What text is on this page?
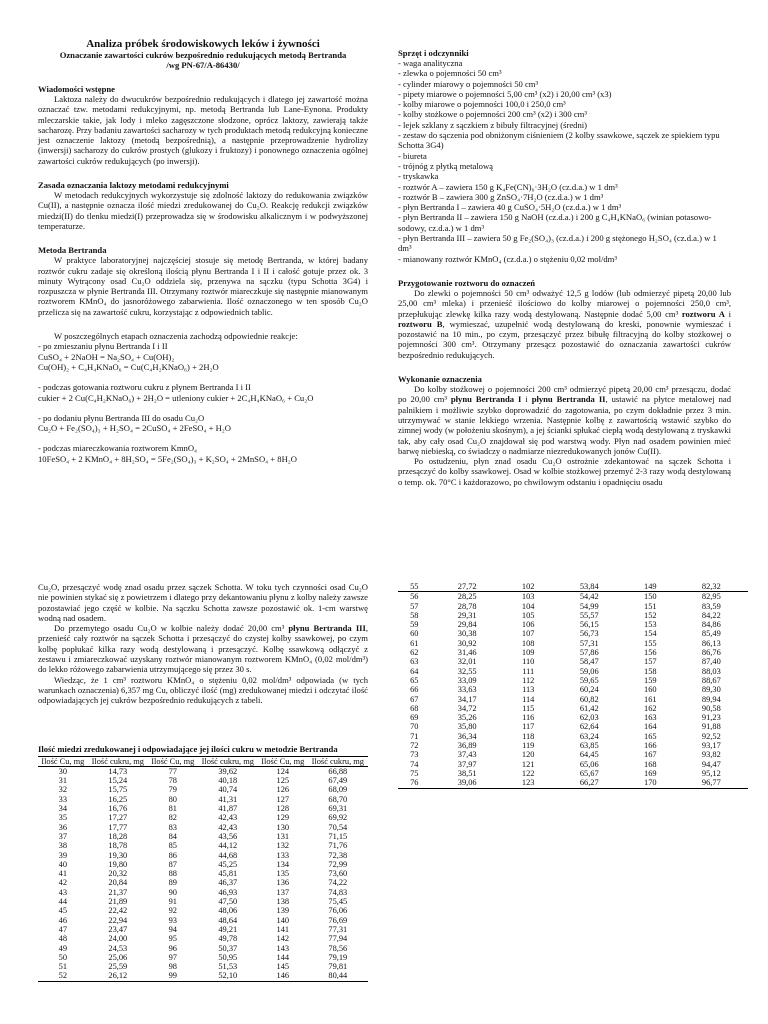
Analiza próbek środowiskowych leków i żywności
Oznaczanie zawartości cukrów bezpośrednio redukujących metodą Bertranda
/wg PN-67/A-86430/
Wiadomości wstępne

Laktoza należy do dwucukrów bezpośrednio redukujących i dlatego jej zawartość można oznaczać tzw. metodami redukcyjnymi, np. metodą Bertranda lub Lane-Eynona. Produkty mleczarskie takie, jak lody i mleko zagęszczone słodzone, oprócz laktozy, zawierają także sacharozę. Przy badaniu zawartości sacharozy w tych produktach metodą redukcyjną konieczne jest oznaczenie laktozy (metodą bezpośrednią), a następnie przeprowadzenie hydrolizy (inwersji) sacharozy do cukrów prostych (glukozy i fruktozy) i ponownego oznaczenia ogólnej zawartości cukrów redukujących (po inwersji).

Zasada oznaczania laktozy metodami redukcyjnymi

W metodach redukcyjnych wykorzystuje się zdolność laktozy do redukowania związków Cu(II), a następnie oznacza ilość miedzi zredukowanej do Cu₂O. Reakcję redukcji związków miedzi(II) do tlenku miedzi(I) przeprowadza się w środowisku alkalicznym i w podwyższonej temperaturze.

Metoda Bertranda

W praktyce laboratoryjnej najczęściej stosuje się metodę Bertranda, w której badany roztwór cukru zadaje się określoną ilością płynu Bertranda I i II i całość gotuje przez ok. 3 minuty Wytrącony osad Cu₂O oddziela się, przenywa na sączku (typu Schotta 3G4) i rozpuszcza w płynie Bertranda III. Otrzymany roztwór miareczkuje się następnie mianowanym roztworem KMnO₄ do jasnoróżowego zabarwienia. Ilość oznaczonego w ten sposób Cu₂O przelicza się na zawartość cukru, korzystając z odpowiednich tablic.

W poszczególnych etapach oznaczenia zachodzą odpowiednie reakcje:

- po zmieszaniu płynu Bertranda I i II
CuSO₄ + 2NaOH = Na₂SO₄ + Cu(OH)₂
Cu(OH)₂ + C₄H₄KNaO₆ = Cu(C₄H₂KNaO₆) + 2H₂O
- podczas gotowania roztworu cukru z płynem Bertranda I i II
cukier + 2 Cu(C₄H₂KNaO₆) + 2H₂O = utleniony cukier + 2C₄H₄KNaO₆ + Cu₂O
- po dodaniu płynu Bertranda III do osadu Cu₂O
Cu₂O + Fe₂(SO₄)₃ + H₂SO₄ = 2CuSO₄ + 2FeSO₄ + H₂O
- podczas miareczkowania roztworem KmnO₄
10FeSO₄ + 2 KMnO₄ + 8H₂SO₄ = 5Fe₂(SO₄)₃ + K₂SO₄ + 2MnSO₄ + 8H₂O
Sprzęt i odczynniki
- waga analityczna
- zlewka o pojemności 50 cm³
- cylinder miarowy o pojemności 50 cm³
- pipety miarowe o pojemności 5,00 cm³ (x2) i 20,00 cm³ (x3)
- kolby miarowe o pojemności 100,0 i 250,0 cm³
- kolby stożkowe o pojemności 200 cm³ (x2) i 300 cm³
- lejek szklany z sączkiem z bibuły filtracyjnej (średni)
- zestaw do sączenia pod obniżonym ciśnieniem (2 kolby ssawkowe, sączek ze spiekiem typu Schotta 3G4)
- biureta
- trójnóg z płytką metalową
- tryskawka
- roztwór A – zawiera 150 g K₄Fe(CN)₆·3H₂O (cz.d.a.) w 1 dm³
- roztwór B – zawiera 300 g ZnSO₄·7H₂O (cz.d.a.) w 1 dm³
- płyn Bertranda I – zawiera 40 g CuSO₄·5H₂O (cz.d.a.) w 1 dm³
- płyn Bertranda II – zawiera 150 g NaOH (cz.d.a.) i 200 g C₄H₄KNaO₆ (winian potasowo-sodowy, cz.d.a.) w 1 dm³
- płyn Bertranda III – zawiera 50 g Fe₂(SO₄)₃ (cz.d.a.) i 200 g stężonego H₂SO₄ (cz.d.a.) w 1 dm³
- mianowany roztwór KMnO₄ (cz.d.a.) o stężeniu 0,02 mol/dm³
Przygotowanie roztworu do oznaczeń

Do zlewki o pojemności 50 cm³ odważyć 12,5 g lodów (lub odmierzyć pipetą 20,00 lub 25,00 cm³ mleka) i przenieść ilościowo do kolby miarowej o pojemności 250,0 cm³, przepłukując zlewkę kilka razy wodą destylowaną. Następnie dodać 5,00 cm³ roztworu A i roztworu B, wymieszać, uzupełnić wodą destylowaną do kreski, ponownie wymieszać i pozostawić na 10 min., po czym, przesączyć przez bibułę filtracyjną do kolby stożkowej o pojemności 300 cm³. Otrzymany przesącz pozostawić do oznaczania zawartości cukrów bezpośrednio redukujących.

Wykonanie oznaczenia

Do kolby stożkowej o pojemności 200 cm³ odmierzyć pipetą 20,00 cm³ przesączu, dodać po 20,00 cm³ płynu Bertranda I i płynu Bertranda II, ustawić na płytce metalowej nad palnikiem i możliwie szybko doprowadzić do zagotowania, po czym dokładnie przez 3 min. utrzymywać w stanie lekkiego wrzenia. Następnie kolbę z zawartością wstawić szybko do zimnej wody (w położeniu skośnym), a jej ścianki spłukać ciepłą wodą destylowaną z tryskawki tak, aby cały osad Cu₂O znajdował się pod warstwą wody. Płyn nad osadem powinien mieć barwę niebieską, co świadczy o nadmiarze niezredukowanych jonów Cu(II).

Po ostudzeniu, płyn znad osadu Cu₂O ostrożnie zdekantować na sączek Schotta i przesączyć do kolby ssawkowej. Osad w kolbie stożkowej przemyć 2-3 razy wodą destylowaną o temp. ok. 70°C i każdorazowo, po chwilowym odstaniu i opadnięciu osadu

Cu₂O, przesączyć wodę znad osadu przez sączek Schotta. W toku tych czynności osad Cu₂O nie powinien stykać się z powietrzem i dlatego przy dekantowaniu płynu z kolby należy zawsze pozostawiać jego część w kolbie. Na sączku Schotta zawsze pozostawić ok. 1-cm warstwę wodną nad osadem.

Do przemytego osadu Cu₂O w kolbie należy dodać 20,00 cm³ płynu Bertranda III, przenieść cały roztwór na sączek Schotta i przesączyć do czystej kolby ssawkowej, po czym kolbę popłukać kilka razy wodą destylowaną i przesączyć. Kolbę ssawkową odłączyć z zestawu i zmiareczkować uzyskany roztwór mianowanym roztworem KMnO₄ (0,02 mol/dm³) do lekko różowego zabarwienia utrzymującego się przez 30 s.

Wiedząc, że 1 cm³ roztworu KMnO₄ o stężeniu 0,02 mol/dm³ odpowiada (w tych warunkach oznaczenia) 6,357 mg Cu, obliczyć ilość (mg) zredukowanej miedzi i odczytać ilość odpowiadających jej cukrów bezpośrednio redukujących z tabeli.

Ilość miedzi zredukowanej i odpowiadające jej ilości cukru w metodzie Bertranda
Ilość Cu, mg	Ilość cukru, mg	Ilość Cu, mg	Ilość cukru, mg	Ilość Cu, mg	Ilość cukru, mg
30	14,73	77	39,62	124	66,88
31	15,24	78	40,18	125	67,49
32	15,75	79	40,74	126	68,09
33	16,25	80	41,31	127	68,70
34	16,76	81	41,87	128	69,31
35	17,27	82	42,43	129	69,92
36	17,77	83	42,43	130	70,54
37	18,28	84	43,56	131	71,15
38	18,78	85	44,12	132	71,76
39	19,30	86	44,68	133	72,38
40	19,80	87	45,25	134	72,99
41	20,32	88	45,81	135	73,60
42	20,84	89	46,37	136	74,22
43	21,37	90	46,93	137	74,83
44	21,89	91	47,50	138	75,45
45	22,42	92	48,06	139	76,06
46	22,94	93	48,64	140	76,69
47	23,47	94	49,21	141	77,31
48	24,00	95	49,78	142	77,94
49	24,53	96	50,37	143	78,56
50	25,06	97	50,95	144	79,19
51	25,59	98	51,53	145	79,81
52	26,12	99	52,10	146	80,44
55	27,72	102	53,84	149	82,32
56	28,25	103	54,42	150	82,95
57	28,78	104	54,99	151	83,59
58	29,31	105	55,57	152	84,22
59	29,84	106	56,15	153	84,86
60	30,38	107	56,73	154	85,49
61	30,92	108	57,31	155	86,13
62	31,46	109	57,86	156	86,76
63	32,01	110	58,47	157	87,40
64	32,55	111	59,06	158	88,03
65	33,09	112	59,65	159	88,67
66	33,63	113	60,24	160	89,30
67	34,17	114	60,82	161	89,94
68	34,72	115	61,42	162	90,58
69	35,26	116	62,03	163	91,23
70	35,80	117	62,64	164	91,88
71	36,34	118	63,24	165	92,52
72	36,89	119	63,85	166	93,17
73	37,43	120	64,45	167	93,82
74	37,97	121	65,06	168	94,47
75	38,51	122	65,67	169	95,12
76	39,06	123	66,27	170	96,77
